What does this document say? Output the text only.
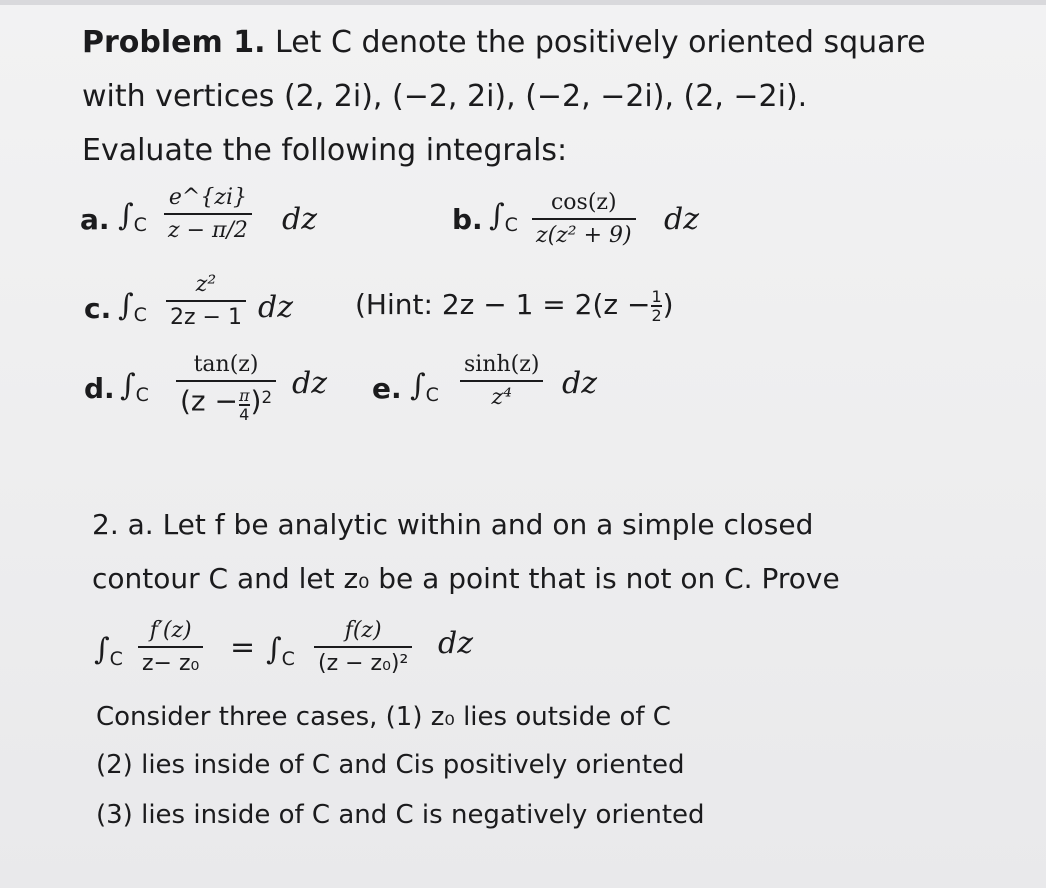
Problem 1. Let C denote the positively oriented square
with vertices (2, 2i), (−2, 2i), (−2, −2i), (2, −2i).
Evaluate the following integrals:
a. $\int_C \frac{e\^{}\{zi\}}{z - \pi/2}$ dz	b. $\int_C \frac{\cos(z)}{\text{z(z² + 9)}}$ dz
c. $\int_C \frac{\text{z²}}{2z - 1}$ dz (Hint: $2z - 1 = 2(z - \frac{1}{2}$ )
d. $\int_C \frac{\tan(z)}{(z - \frac{\pi}{4} )^2}$ dz e. $\int_C \frac{\sinh(z)}{\text{z⁴}}$ dz
2. a. Let f be analytic within and on a simple closed
contour C and let z₀ be a point that is not on C. Prove
$\int_C \frac{f'(z)}{\text{z− z₀}} = \int_C \frac{f(z)}{\text{(z − z₀)²}}$ dz
Consider three cases, (1) z₀ lies outside of C
(2) lies inside of C and Cis positively oriented
(3) lies inside of C and C is negatively oriented
